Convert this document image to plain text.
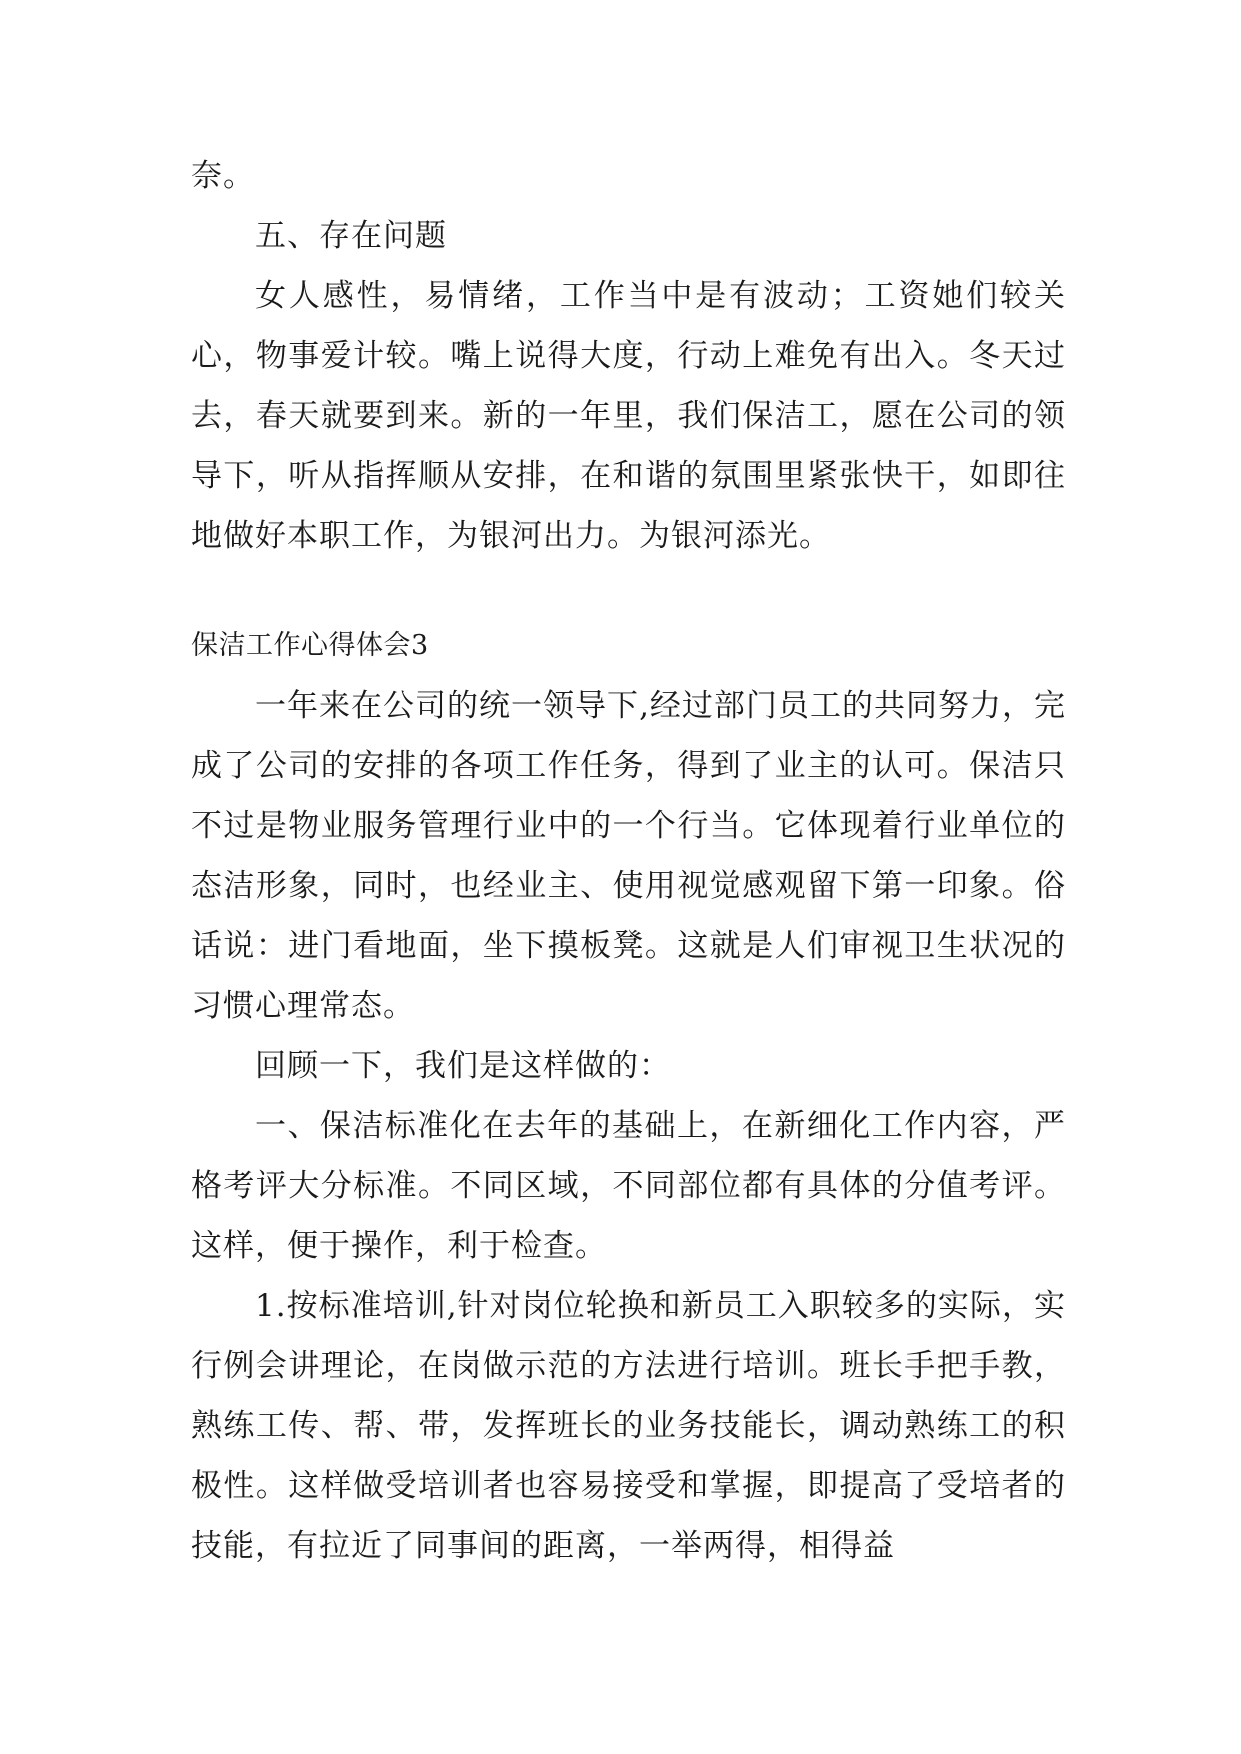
奈。

五、存在问题

女人感性，易情绪，工作当中是有波动；工资她们较关心，物事爱计较。嘴上说得大度，行动上难免有出入。冬天过去，春天就要到来。新的一年里，我们保洁工，愿在公司的领导下，听从指挥顺从安排，在和谐的氛围里紧张快干，如即往地做好本职工作，为银河出力。为银河添光。

保洁工作心得体会3

一年来在公司的统一领导下,经过部门员工的共同努力，完成了公司的安排的各项工作任务，得到了业主的认可。保洁只不过是物业服务管理行业中的一个行当。它体现着行业单位的态洁形象，同时，也经业主、使用视觉感观留下第一印象。俗话说：进门看地面，坐下摸板凳。这就是人们审视卫生状况的习惯心理常态。

回顾一下，我们是这样做的：

一、保洁标准化在去年的基础上，在新细化工作内容，严格考评大分标准。不同区域，不同部位都有具体的分值考评。这样，便于操作，利于检查。

1.按标准培训,针对岗位轮换和新员工入职较多的实际，实行例会讲理论，在岗做示范的方法进行培训。班长手把手教，熟练工传、帮、带，发挥班长的业务技能长，调动熟练工的积极性。这样做受培训者也容易接受和掌握，即提高了受培者的技能，有拉近了同事间的距离，一举两得，相得益
